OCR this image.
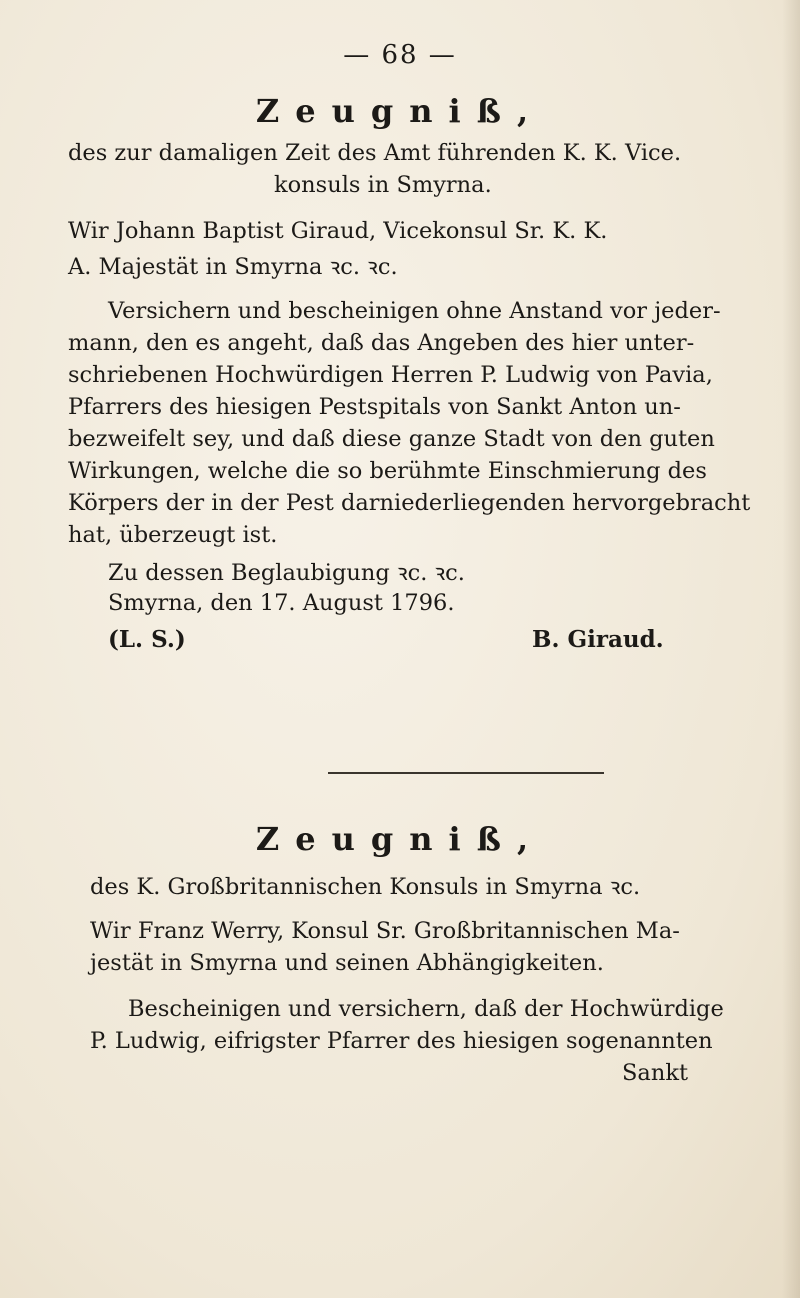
— 68 —
Zeugniß,
des zur damaligen Zeit des Amt führenden K. K. Vice.
konsuls in Smyrna.
Wir Johann Baptist Giraud, Vicekonsul Sr. K. K.
A. Majestät in Smyrna ꝛc. ꝛc.
Versichern und bescheinigen ohne Anstand vor jeder-
mann, den es angeht, daß das Angeben des hier unter-
schriebenen Hochwürdigen Herren P. Ludwig von Pavia,
Pfarrers des hiesigen Pestspitals von Sankt Anton un-
bezweifelt sey, und daß diese ganze Stadt von den guten
Wirkungen, welche die so berühmte Einschmierung des
Körpers der in der Pest darniederliegenden hervorgebracht
hat, überzeugt ist.
Zu dessen Beglaubigung ꝛc. ꝛc.
Smyrna, den 17. August 1796.
(L. S.)	B. Giraud.
Zeugniß,
des K. Großbritannischen Konsuls in Smyrna ꝛc.
Wir Franz Werry, Konsul Sr. Großbritannischen Ma-
jestät in Smyrna und seinen Abhängigkeiten.
Bescheinigen und versichern, daß der Hochwürdige
P. Ludwig, eifrigster Pfarrer des hiesigen sogenannten
Sankt
